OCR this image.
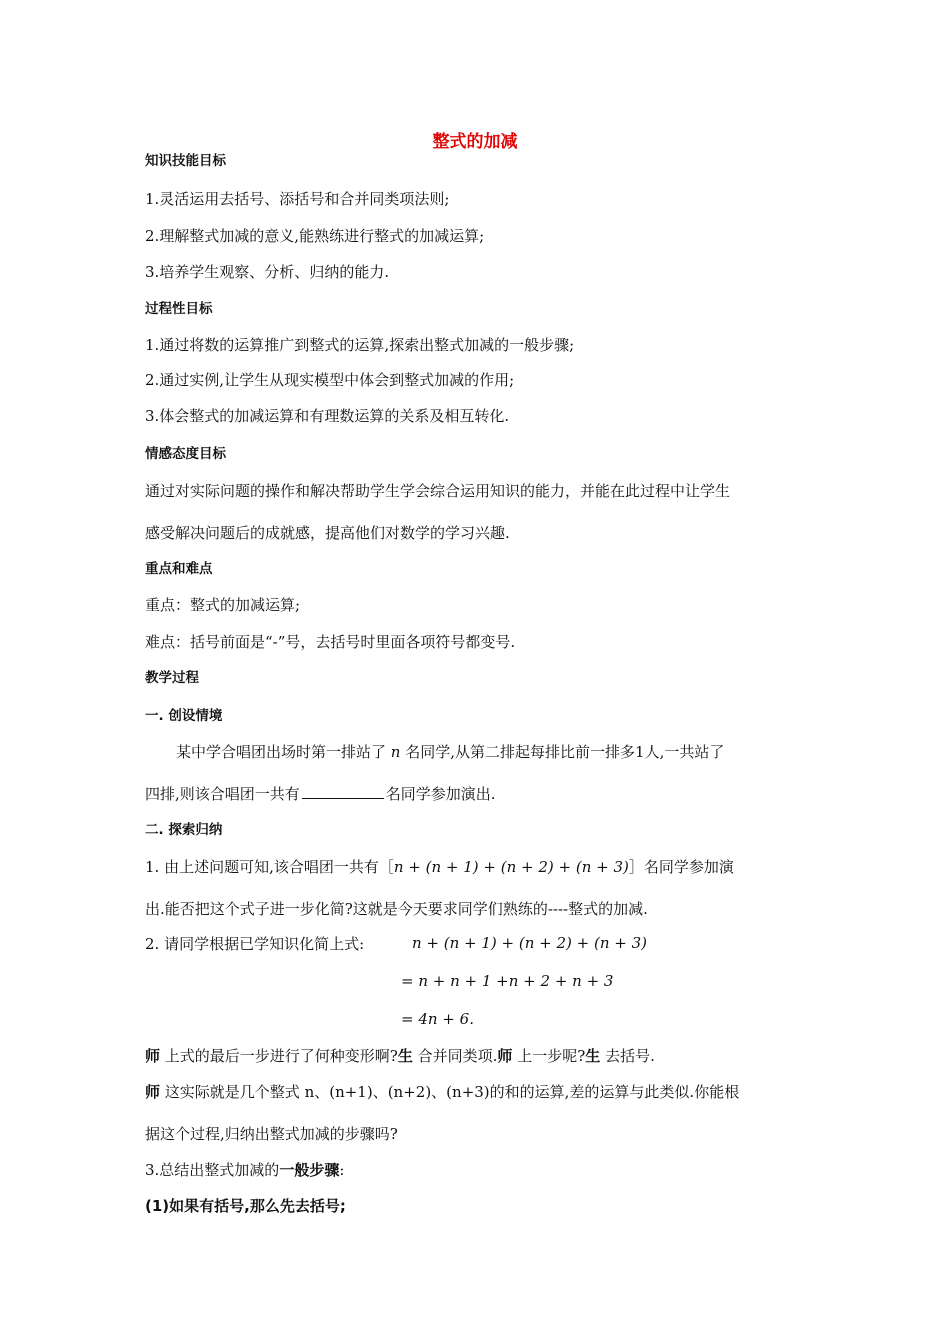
整式的加减
知识技能目标
1.灵活运用去括号、添括号和合并同类项法则;
2.理解整式加减的意义,能熟练进行整式的加减运算;
3.培养学生观察、分析、归纳的能力.
过程性目标
1.通过将数的运算推广到整式的运算,探索出整式加减的一般步骤;
2.通过实例,让学生从现实模型中体会到整式加减的作用;
3.体会整式的加减运算和有理数运算的关系及相互转化.
情感态度目标
通过对实际问题的操作和解决帮助学生学会综合运用知识的能力，并能在此过程中让学生
感受解决问题后的成就感，提高他们对数学的学习兴趣.
重点和难点
重点：整式的加减运算;
难点：括号前面是“-”号，去括号时里面各项符号都变号.
教学过程
一. 创设情境
某中学合唱团出场时第一排站了 n 名同学,从第二排起每排比前一排多1人,一共站了
四排,则该合唱团一共有	名同学参加演出.
二. 探索归纳
1. 由上述问题可知,该合唱团一共有［n + (n + 1) + (n + 2) + (n + 3)］名同学参加演
出.能否把这个式子进一步化简?这就是今天要求同学们熟练的----整式的加减.
2. 请同学根据已学知识化简上式:	n + (n + 1) + (n + 2) + (n + 3)
= n + n + 1 +n + 2 + n + 3
= 4n + 6.
师 上式的最后一步进行了何种变形啊?生 合并同类项.师 上一步呢?生 去括号.
师 这实际就是几个整式 n、(n+1)、(n+2)、(n+3)的和的运算,差的运算与此类似.你能根
据这个过程,归纳出整式加减的步骤吗?
3.总结出整式加减的一般步骤:
(1)如果有括号,那么先去括号;
